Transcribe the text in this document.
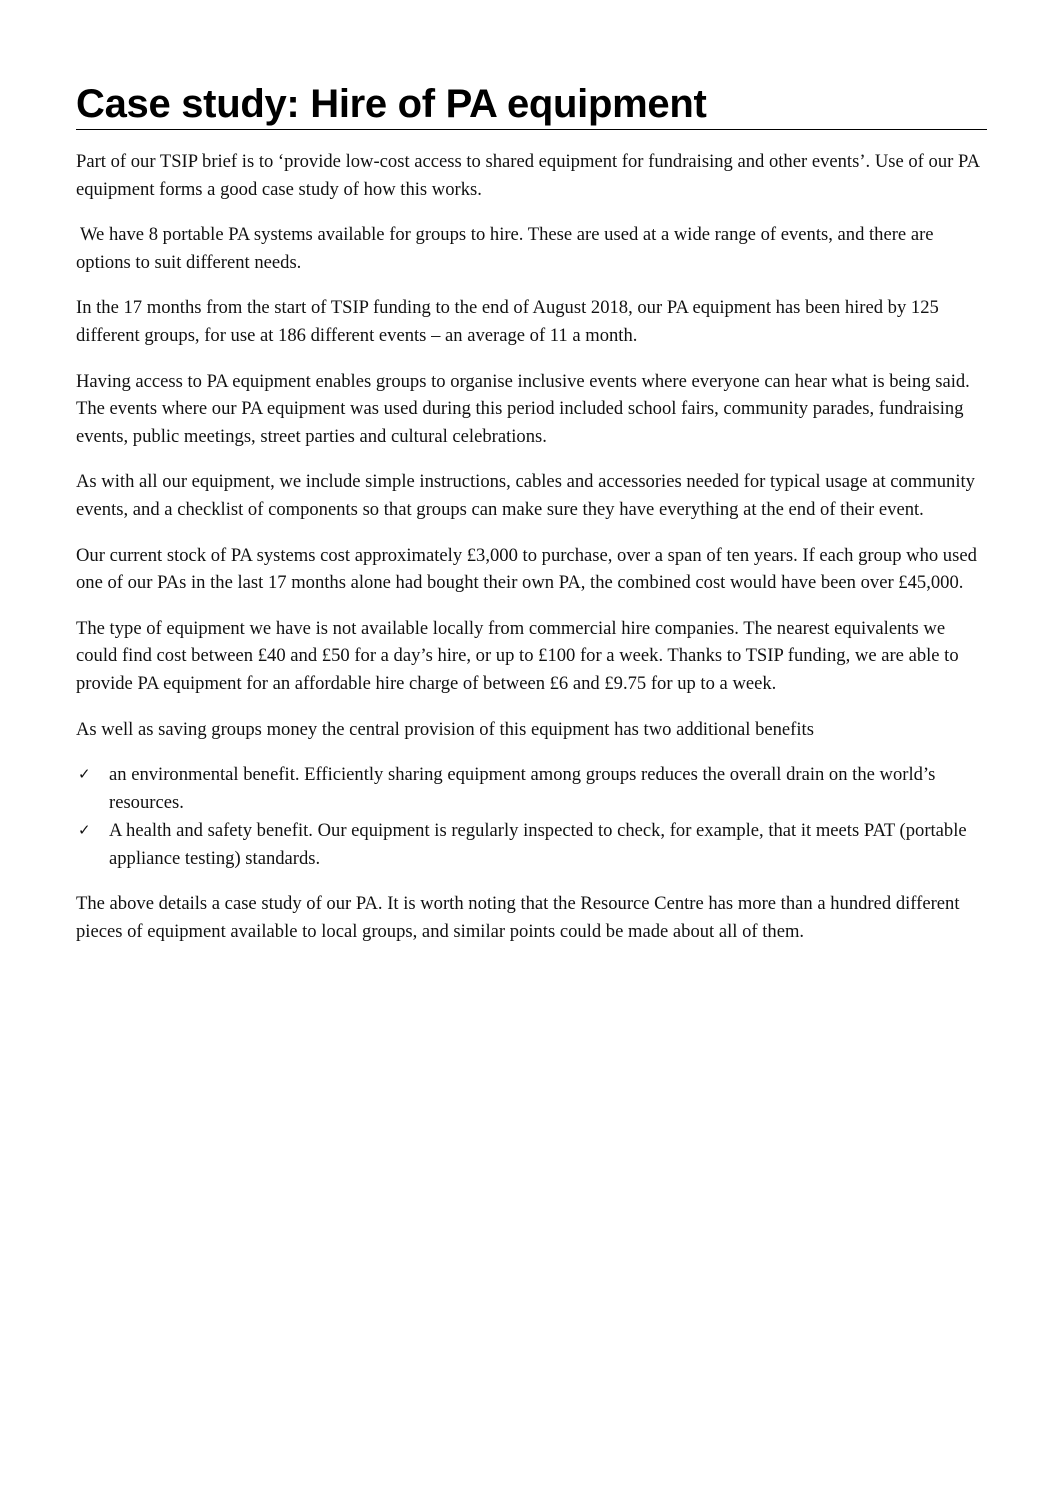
Case study: Hire of PA equipment

Part of our TSIP brief is to ‘provide low-cost access to shared equipment for fundraising and other events’. Use of our PA equipment forms a good case study of how this works.

We have 8 portable PA systems available for groups to hire. These are used at a wide range of events, and there are options to suit different needs.

In the 17 months from the start of TSIP funding to the end of August 2018, our PA equipment has been hired by 125 different groups, for use at 186 different events – an average of 11 a month.

Having access to PA equipment enables groups to organise inclusive events where everyone can hear what is being said. The events where our PA equipment was used during this period included school fairs, community parades, fundraising events, public meetings, street parties and cultural celebrations.

As with all our equipment, we include simple instructions, cables and accessories needed for typical usage at community events, and a checklist of components so that groups can make sure they have everything at the end of their event.

Our current stock of PA systems cost approximately £3,000 to purchase, over a span of ten years. If each group who used one of our PAs in the last 17 months alone had bought their own PA, the combined cost would have been over £45,000.

The type of equipment we have is not available locally from commercial hire companies. The nearest equivalents we could find cost between £40 and £50 for a day’s hire, or up to £100 for a week. Thanks to TSIP funding, we are able to provide PA equipment for an affordable hire charge of between £6 and £9.75 for up to a week.

As well as saving groups money the central provision of this equipment has two additional benefits

✓ an environmental benefit. Efficiently sharing equipment among groups reduces the overall drain on the world’s resources.
✓ A health and safety benefit. Our equipment is regularly inspected to check, for example, that it meets PAT (portable appliance testing) standards.

The above details a case study of our PA. It is worth noting that the Resource Centre has more than a hundred different pieces of equipment available to local groups, and similar points could be made about all of them.
